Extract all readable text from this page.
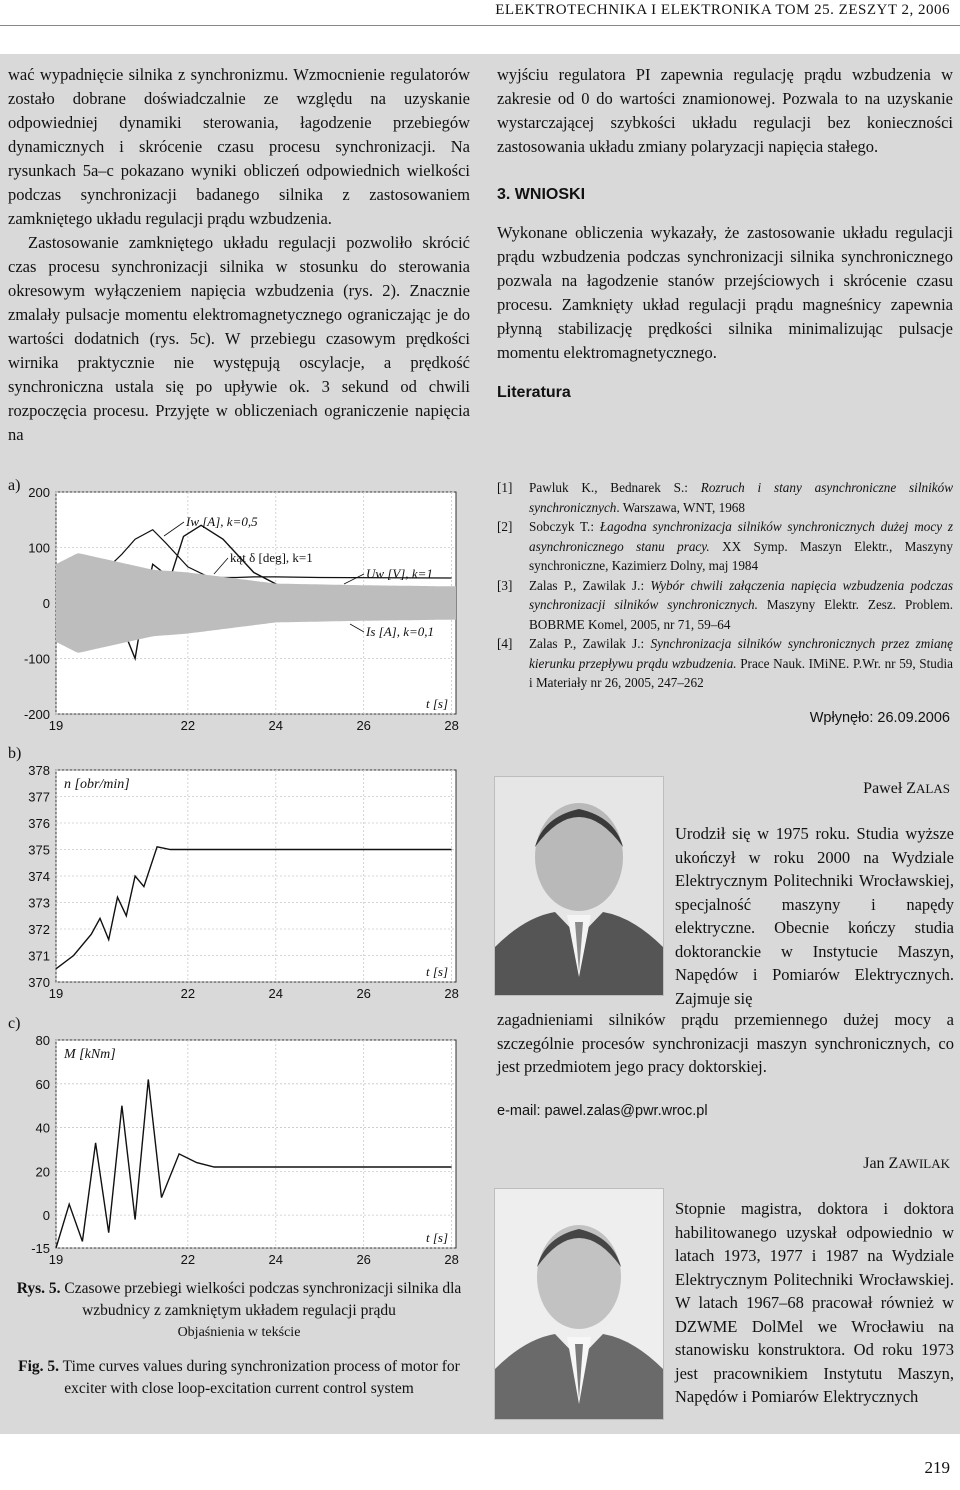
ELEKTROTECHNIKA I ELEKTRONIKA TOM 25. ZESZYT 2, 2006

wać wypadnięcie silnika z synchronizmu. Wzmocnienie regulatorów zostało dobrane doświadczalnie ze względu na uzyskanie odpowiedniej dynamiki sterowania, łagodzenie przebiegów dynamicznych i skrócenie czasu procesu synchronizacji. Na rysunkach 5a–c pokazano wyniki obliczeń odpowiednich wielkości podczas synchronizacji badanego silnika z zastosowaniem zamkniętego układu regulacji prądu wzbudzenia.

Zastosowanie zamkniętego układu regulacji pozwoliło skrócić czas procesu synchronizacji silnika w stosunku do sterowania okresowym wyłączeniem napięcia wzbudzenia (rys. 2). Znacznie zmalały pulsacje momentu elektromagnetycznego ograniczając je do wartości dodatnich (rys. 5c). W przebiegu czasowym prędkości wirnika praktycznie nie występują oscylacje, a prędkość synchroniczna ustala się po upływie ok. 3 sekund od chwili rozpoczęcia procesu. Przyjęte w obliczeniach ograniczenie napięcia na

a) 200
100
0
-100
-200
19	22	24	26	28
t [s]
Iw [A], k=0,5
kąt δ [deg], k=1
Uw [V], k=1
Is [A], k=0,1
b)
378
377
376
375
374
373
372
371
370
19	22	24	26	28
t [s]
n [obr/min]
c)
80
60
40
20
0
-15
19	22	24	26	28
t [s]
M [kNm]
Rys. 5. Czasowe przebiegi wielkości podczas synchronizacji silnika dla wzbudnicy z zamkniętym układem regulacji prądu
Objaśnienia w tekście
Fig. 5. Time curves values during synchronization process of motor for exciter with close loop-excitation current control system

wyjściu regulatora PI zapewnia regulację prądu wzbudzenia w zakresie od 0 do wartości znamionowej. Pozwala to na uzyskanie wystarczającej szybkości układu regulacji bez konieczności zastosowania układu zmiany polaryzacji napięcia stałego.

3. WNIOSKI

Wykonane obliczenia wykazały, że zastosowanie układu regulacji prądu wzbudzenia podczas synchronizacji silnika synchronicznego pozwala na łagodzenie stanów przejściowych i skrócenie czasu procesu. Zamknięty układ regulacji prądu magneśnicy zapewnia płynną stabilizację prędkości silnika minimalizując pulsacje momentu elektromagnetycznego.

Literatura
[1] Pawluk K., Bednarek S.: Rozruch i stany asynchroniczne silników synchronicznych. Warszawa, WNT, 1968
[2] Sobczyk T.: Łagodna synchronizacja silników synchronicznych dużej mocy z asynchronicznego stanu pracy. XX Symp. Maszyn Elektr., Maszyny synchroniczne, Kazimierz Dolny, maj 1984
[3] Zalas P., Zawilak J.: Wybór chwili załączenia napięcia wzbudzenia podczas synchronizacji silników synchronicznych. Maszyny Elektr. Zesz. Problem. BOBRME Komel, 2005, nr 71, 59–64
[4] Zalas P., Zawilak J.: Synchronizacja silników synchronicznych przez zmianę kierunku przepływu prądu wzbudzenia. Prace Nauk. IMiNE. P.Wr. nr 59, Studia i Materiały nr 26, 2005, 247–262
Wpłynęło: 26.09.2006
Paweł ZALAS
Urodził się w 1975 roku. Studia wyższe ukończył w roku 2000 na Wydziale Elektrycznym Politechniki Wrocławskiej, specjalność maszyny i napędy elektryczne. Obecnie kończy studia doktoranckie w Instytucie Maszyn, Napędów i Pomiarów Elektrycznych. Zajmuje się
zagadnieniami silników prądu przemiennego dużej mocy a szczególnie procesów synchronizacji maszyn synchronicznych, co jest przedmiotem jego pracy doktorskiej.
e-mail: pawel.zalas@pwr.wroc.pl
Jan ZAWILAK
Stopnie magistra, doktora i doktora habilitowanego uzyskał odpowiednio w latach 1973, 1977 i 1987 na Wydziale Elektrycznym Politechniki Wrocławskiej. W latach 1967–68 pracował również w DZWME DolMel we Wrocławiu na stanowisku konstruktora. Od roku 1973 jest pracownikiem Instytutu Maszyn, Napędów i Pomiarów Elektrycznych
219
